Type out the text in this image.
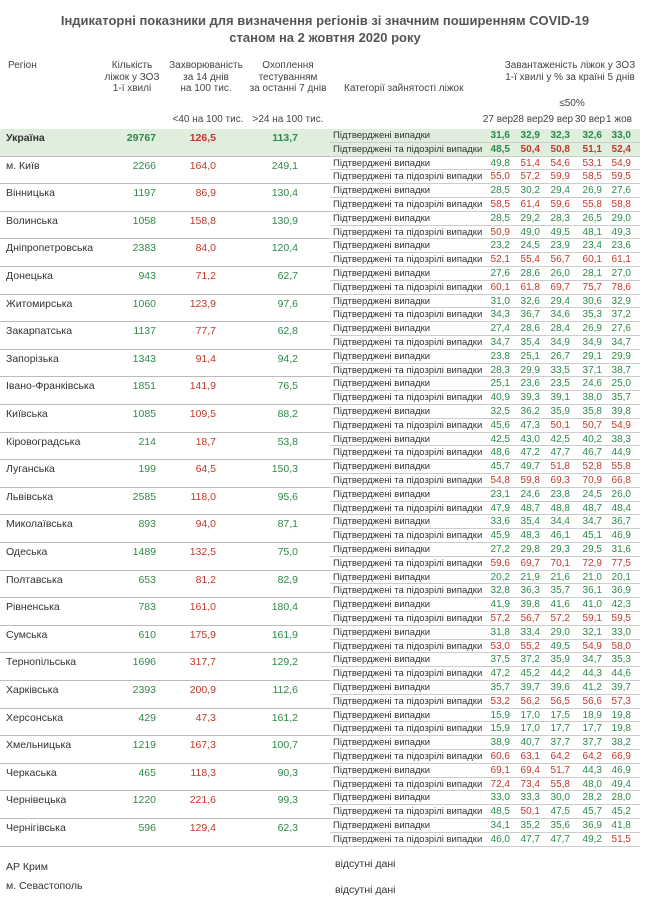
Індикаторні показники для визначення регіонів зі значним поширенням COVID-19
станом на 2 жовтня 2020 року
Регіон	Кількість
ліжок у ЗОЗ
1-ї хвилі
Захворюваність
за 14 днів
на 100 тис.
Охоплення
тестуванням
за останні 7 днів Категорії зайнятості ліжок
Завантаженість ліжок у ЗОЗ
1-ї хвилі у % за країні 5 днів
<40 на 100 тис. >24 на 100 тис.
≤50%
27 вер 28 вер 29 вер 30 вер 1 жов
Україна	29767	126,5	113,7	Підтверджені випадки	31,6	32,9	32,3	32,6 33,0
Підтверджені та підозрілі випадки 48,5	50,4	50,8	51,1 52,4
м. Київ	2266	164,0	249,1	Підтверджені випадки	49,8	51,4	54,6	53,1 54,9
Підтверджені та підозрілі випадки 55,0	57,2	59,9	58,5 59,5
Вінницька	1197	86,9	130,4	Підтверджені випадки	28,5	30,2	29,4	26,9 27,6
Підтверджені та підозрілі випадки 58,5	61,4	59,6	55,8 58,8
Волинська	1058	158,8	130,9	Підтверджені випадки	28,5	29,2	28,3	26,5 29,0
Підтверджені та підозрілі випадки 50,9	49,0	49,5	48,1 49,3
Дніпропетровська	2383	84,0	120,4	Підтверджені випадки	23,2	24,5	23,9	23,4 23,6
Підтверджені та підозрілі випадки 52,1	55,4	56,7	60,1 61,1
Донецька	943	71,2	62,7	Підтверджені випадки	27,6	28,6	26,0	28,1 27,0
Підтверджені та підозрілі випадки 60,1	61,8	69,7	75,7 78,6
Житомирська	1060	123,9	97,6	Підтверджені випадки	31,0	32,6	29,4	30,6 32,9
Підтверджені та підозрілі випадки 34,3	36,7	34,6	35,3 37,2
Закарпатська	1137	77,7	62,8	Підтверджені випадки	27,4	28,6	28,4	26,9 27,6
Підтверджені та підозрілі випадки 34,7	35,4	34,9	34,9 34,7
Запорізька	1343	91,4	94,2	Підтверджені випадки	23,8	25,1	26,7	29,1 29,9
Підтверджені та підозрілі випадки 28,3	29,9	33,5	37,1 38,7
Івано-Франківська	1851	141,9	76,5	Підтверджені випадки	25,1	23,6	23,5	24,6 25,0
Підтверджені та підозрілі випадки 40,9	39,3	39,1	38,0 35,7
Київська	1085	109,5	88,2	Підтверджені випадки	32,5	36,2	35,9	35,8 39,8
Підтверджені та підозрілі випадки 45,6	47,3	50,1	50,7 54,9
Кіровоградська	214	18,7	53,8	Підтверджені випадки	42,5	43,0	42,5	40,2 38,3
Підтверджені та підозрілі випадки 48,6	47,2	47,7	46,7 44,9
Луганська	199	64,5	150,3	Підтверджені випадки	45,7	49,7	51,8	52,8 55,8
Підтверджені та підозрілі випадки 54,8	59,8	69,3	70,9 66,8
Львівська	2585	118,0	95,6	Підтверджені випадки	23,1	24,6	23,8	24,5 26,0
Підтверджені та підозрілі випадки 47,9	48,7	48,8	48,7 48,4
Миколаївська	893	94,0	87,1	Підтверджені випадки	33,6	35,4	34,4	34,7 36,7
Підтверджені та підозрілі випадки 45,9	48,3	46,1	45,1 46,9
Одеська	1489	132,5	75,0	Підтверджені випадки	27,2	29,8	29,3	29,5 31,6
Підтверджені та підозрілі випадки 59,6	69,7	70,1	72,9 77,5
Полтавська	653	81,2	82,9	Підтверджені випадки	20,2	21,9	21,6	21,0 20,1
Підтверджені та підозрілі випадки 32,8	36,3	35,7	36,1 36,9
Рівненська	783	161,0	180,4	Підтверджені випадки	41,9	39,8	41,6	41,0 42,3
Підтверджені та підозрілі випадки 57,2	56,7	57,2	59,1 59,5
Сумська	610	175,9	161,9	Підтверджені випадки	31,8	33,4	29,0	32,1 33,0
Підтверджені та підозрілі випадки 53,0	55,2	49,5	54,9 58,0
Тернопільська	1696	317,7	129,2	Підтверджені випадки	37,5	37,2	35,9	34,7 35,3
Підтверджені та підозрілі випадки 47,2	45,2	44,2	44,3 44,6
Харківська	2393	200,9	112,6	Підтверджені випадки	35,7	39,7	39,6	41,2 39,7
Підтверджені та підозрілі випадки 53,2	56,2	56,5	56,6 57,3
Херсонська	429	47,3	161,2	Підтверджені випадки	15,9	17,0	17,5	18,9 19,8
Підтверджені та підозрілі випадки 15,9	17,0	17,7	17,7 19,8
Хмельницька	1219	167,3	100,7	Підтверджені випадки	38,9	40,7	37,7	37,7 38,2
Підтверджені та підозрілі випадки 60,6	63,1	64,2	64,2 66,9
Черкаська	465	118,3	90,3	Підтверджені випадки	69,1	69,4	51,7	44,3 46,9
Підтверджені та підозрілі випадки 72,4	73,4	55,8	48,0 49,4
Чернівецька	1220	221,6	99,3	Підтверджені випадки	33,0	33,3	30,0	28,2 28,0
Підтверджені та підозрілі випадки 48,5	50,1	47,5	45,7 45,2
Чернігівська	596	129,4	62,3	Підтверджені випадки	34,1	35,2	35,6	36,9 41,8
Підтверджені та підозрілі випадки 46,0	47,7	47,7	49,2 51,5
АР Крим	відсутні дані
м. Севастополь	відсутні дані
